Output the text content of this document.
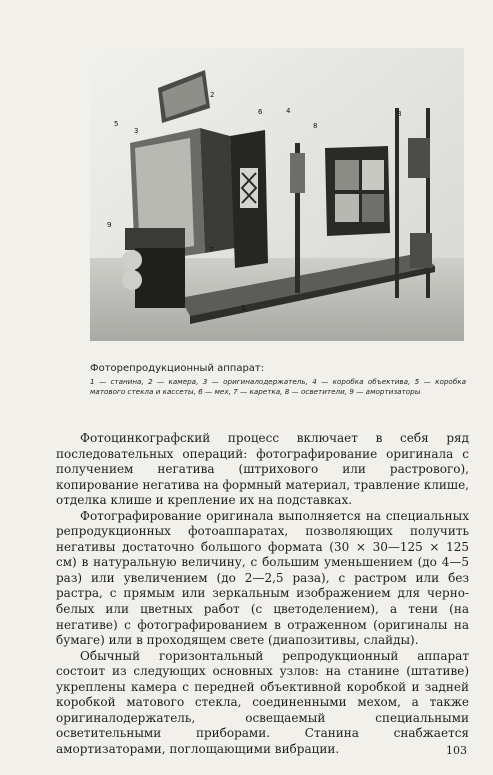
2
6	4
5
3
8
8
9
7
1
Фоторепродукционный аппарат:
1 — станина, 2 — камера, 3 — оригиналодержатель, 4 — коробка объектива, 5 — коробка матового стекла и кассеты, 6 — мех, 7 — каретка, 8 — осветители, 9 — амортизаторы

Фотоцинкографский процесс включает в себя ряд последовательных операций: фотографирование оригинала с получением негатива (штрихового или растрового), копирование негатива на формный материал, травление клише, отделка клише и крепление их на подставках.

Фотографирование оригинала выполняется на специальных репродукционных фотоаппаратах, позволяющих получить негативы достаточно большого формата (30 × 30—125 × 125 см) в натуральную величину, с большим уменьшением (до 4—5 раз) или увеличением (до 2—2,5 раза), с растром или без растра, с прямым или зеркальным изображением для черно-белых или цветных работ (с цветоделением), а тени (на негативе) с фотографированием в отраженном (оригиналы на бумаге) или в проходящем свете (диапозитивы, слайды).

Обычный горизонтальный репродукционный аппарат состоит из следующих основных узлов: на станине (штативе) укреплены камера с передней объективной коробкой и задней коробкой матового стекла, соединенными мехом, а также оригиналодержатель, освещаемый специальными осветительными приборами. Станина снабжается амортизаторами, поглощающими вибрации.	103
